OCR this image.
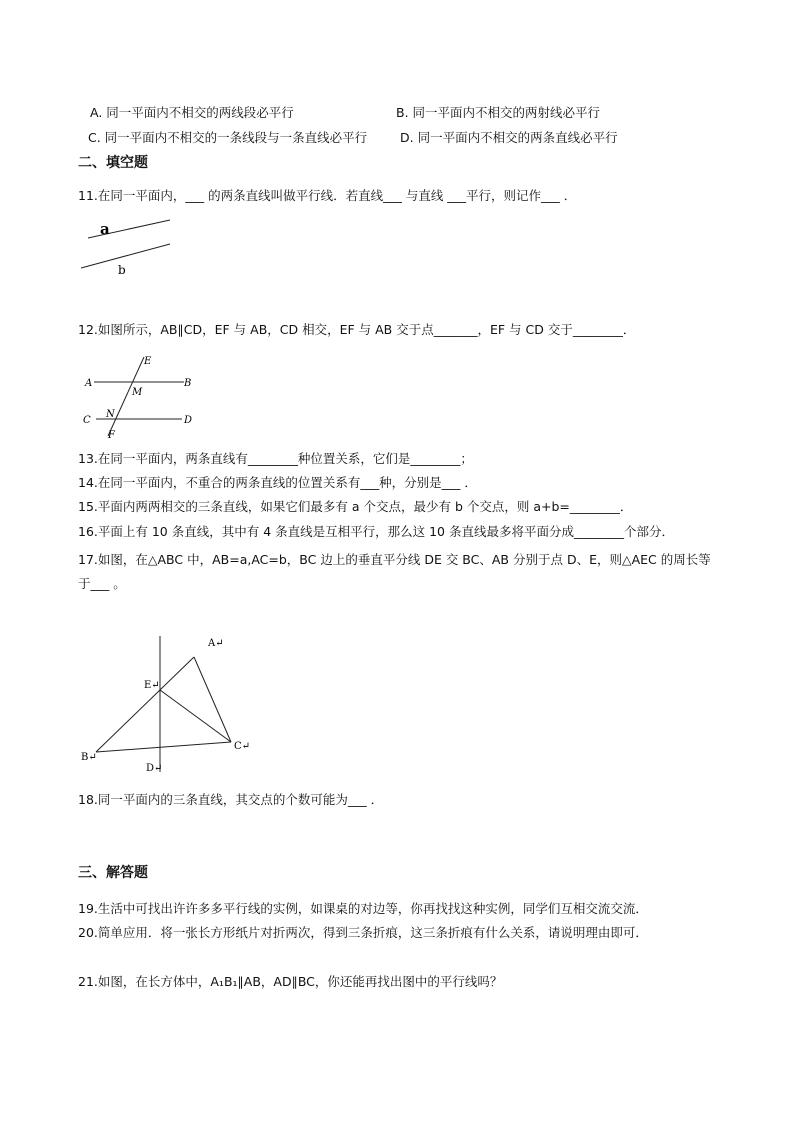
A. 同一平面内不相交的两线段必平行	B. 同一平面内不相交的两射线必平行
C. 同一平面内不相交的一条线段与一条直线必平行	D. 同一平面内不相交的两条直线必平行
二、填空题
11.在同一平面内，___ 的两条直线叫做平行线．若直线___ 与直线 ___平行，则记作___ ．
a
b
12.如图所示，AB∥CD，EF 与 AB，CD 相交，EF 与 AB 交于点_______，EF 与 CD 交于________．
E
A	B
M
C
N
D
F
13.在同一平面内，两条直线有________种位置关系，它们是________；
14.在同一平面内，不重合的两条直线的位置关系有___种，分别是___ ．
15.平面内两两相交的三条直线，如果它们最多有 a 个交点，最少有 b 个交点，则 a+b=________．
16.平面上有 10 条直线，其中有 4 条直线是互相平行，那么这 10 条直线最多将平面分成________个部分．
17.如图，在△ABC 中，AB=a,AC=b，BC 边上的垂直平分线 DE 交 BC、AB 分别于点 D、E，则△AEC 的周长等
于___ 。
A↵
E↵
B↵
C↵
D↵
18.同一平面内的三条直线，其交点的个数可能为___ ．
三、解答题
19.生活中可找出许许多多平行线的实例，如课桌的对边等，你再找找这种实例，同学们互相交流交流．
20.简单应用．将一张长方形纸片对折两次，得到三条折痕，这三条折痕有什么关系，请说明理由即可．
21.如图，在长方体中，A₁B₁∥AB，AD∥BC，你还能再找出图中的平行线吗？
